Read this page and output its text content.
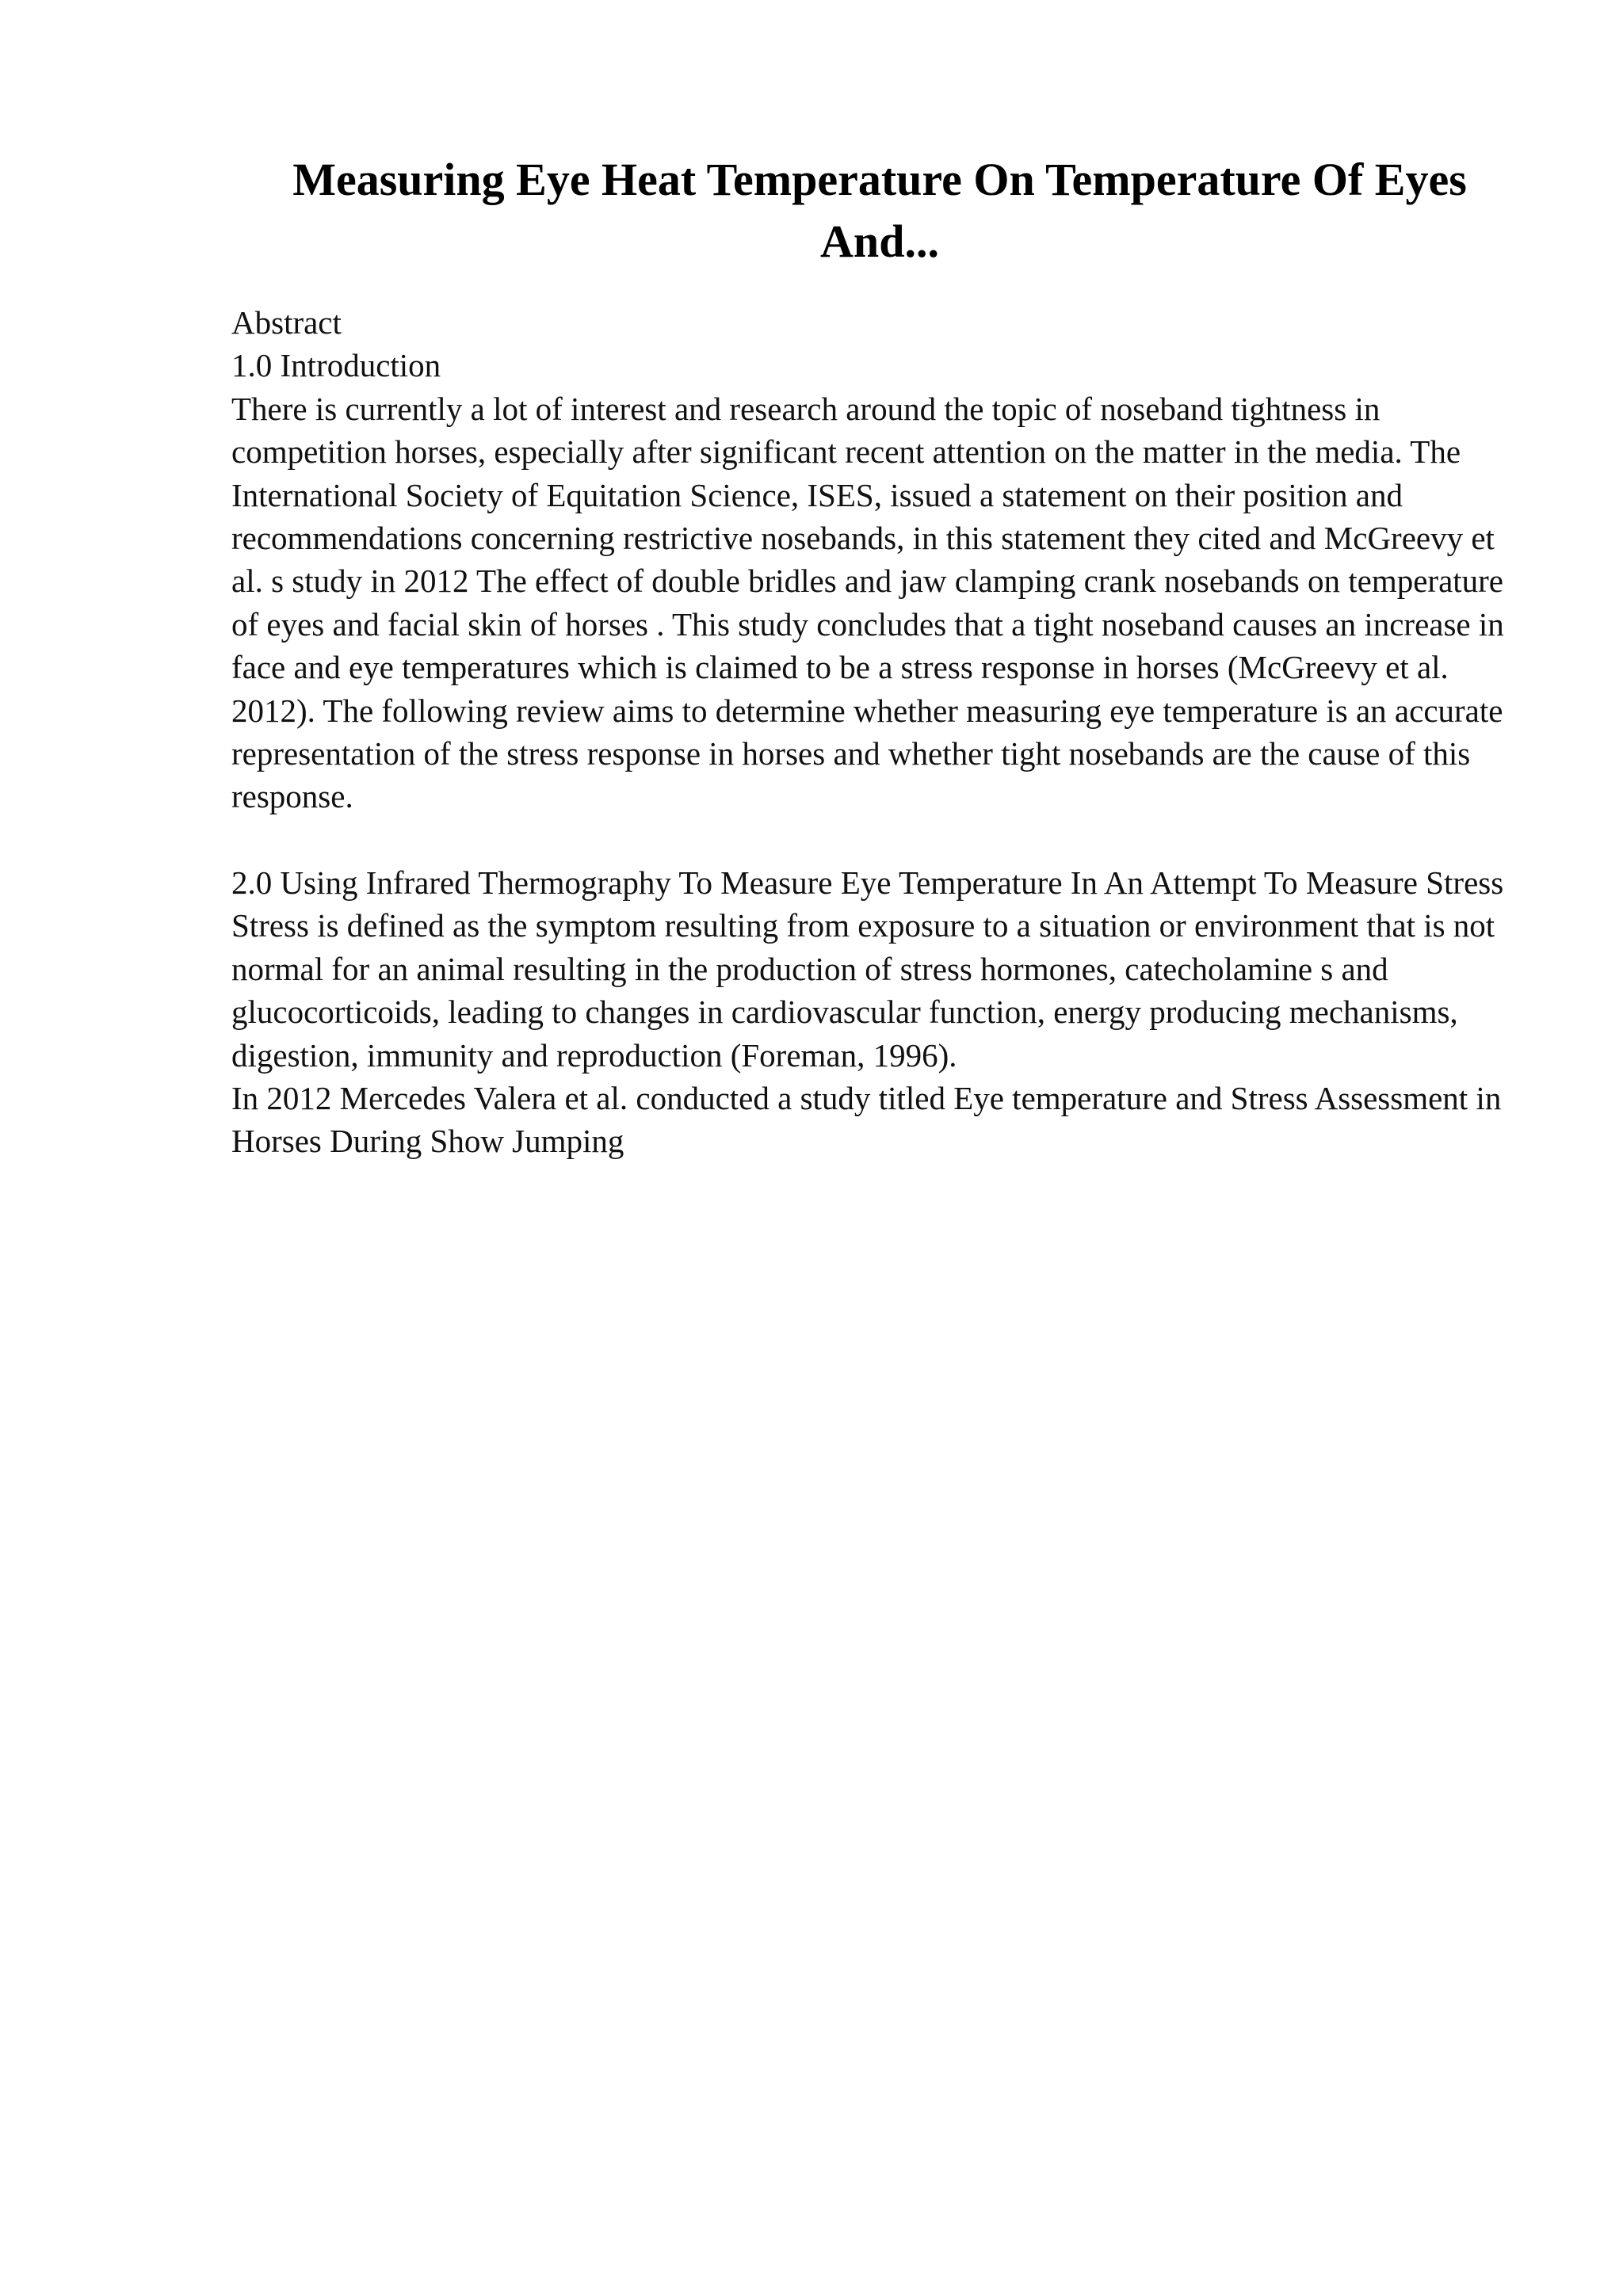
Measuring Eye Heat Temperature On Temperature Of Eyes And...

Abstract

1.0 Introduction

There is currently a lot of interest and research around the topic of noseband tightness in competition horses, especially after significant recent attention on the matter in the media. The International Society of Equitation Science, ISES, issued a statement on their position and recommendations concerning restrictive nosebands, in this statement they cited and McGreevy et al. s study in 2012 The effect of double bridles and jaw clamping crank nosebands on temperature of eyes and facial skin of horses . This study concludes that a tight noseband causes an increase in face and eye temperatures which is claimed to be a stress response in horses (McGreevy et al. 2012). The following review aims to determine whether measuring eye temperature is an accurate representation of the stress response in horses and whether tight nosebands are the cause of this response.

2.0 Using Infrared Thermography To Measure Eye Temperature In An Attempt To Measure Stress

Stress is defined as the symptom resulting from exposure to a situation or environment that is not normal for an animal resulting in the production of stress hormones, catecholamine s and glucocorticoids, leading to changes in cardiovascular function, energy producing mechanisms, digestion, immunity and reproduction (Foreman, 1996).

In 2012 Mercedes Valera et al. conducted a study titled Eye temperature and Stress Assessment in Horses During Show Jumping
